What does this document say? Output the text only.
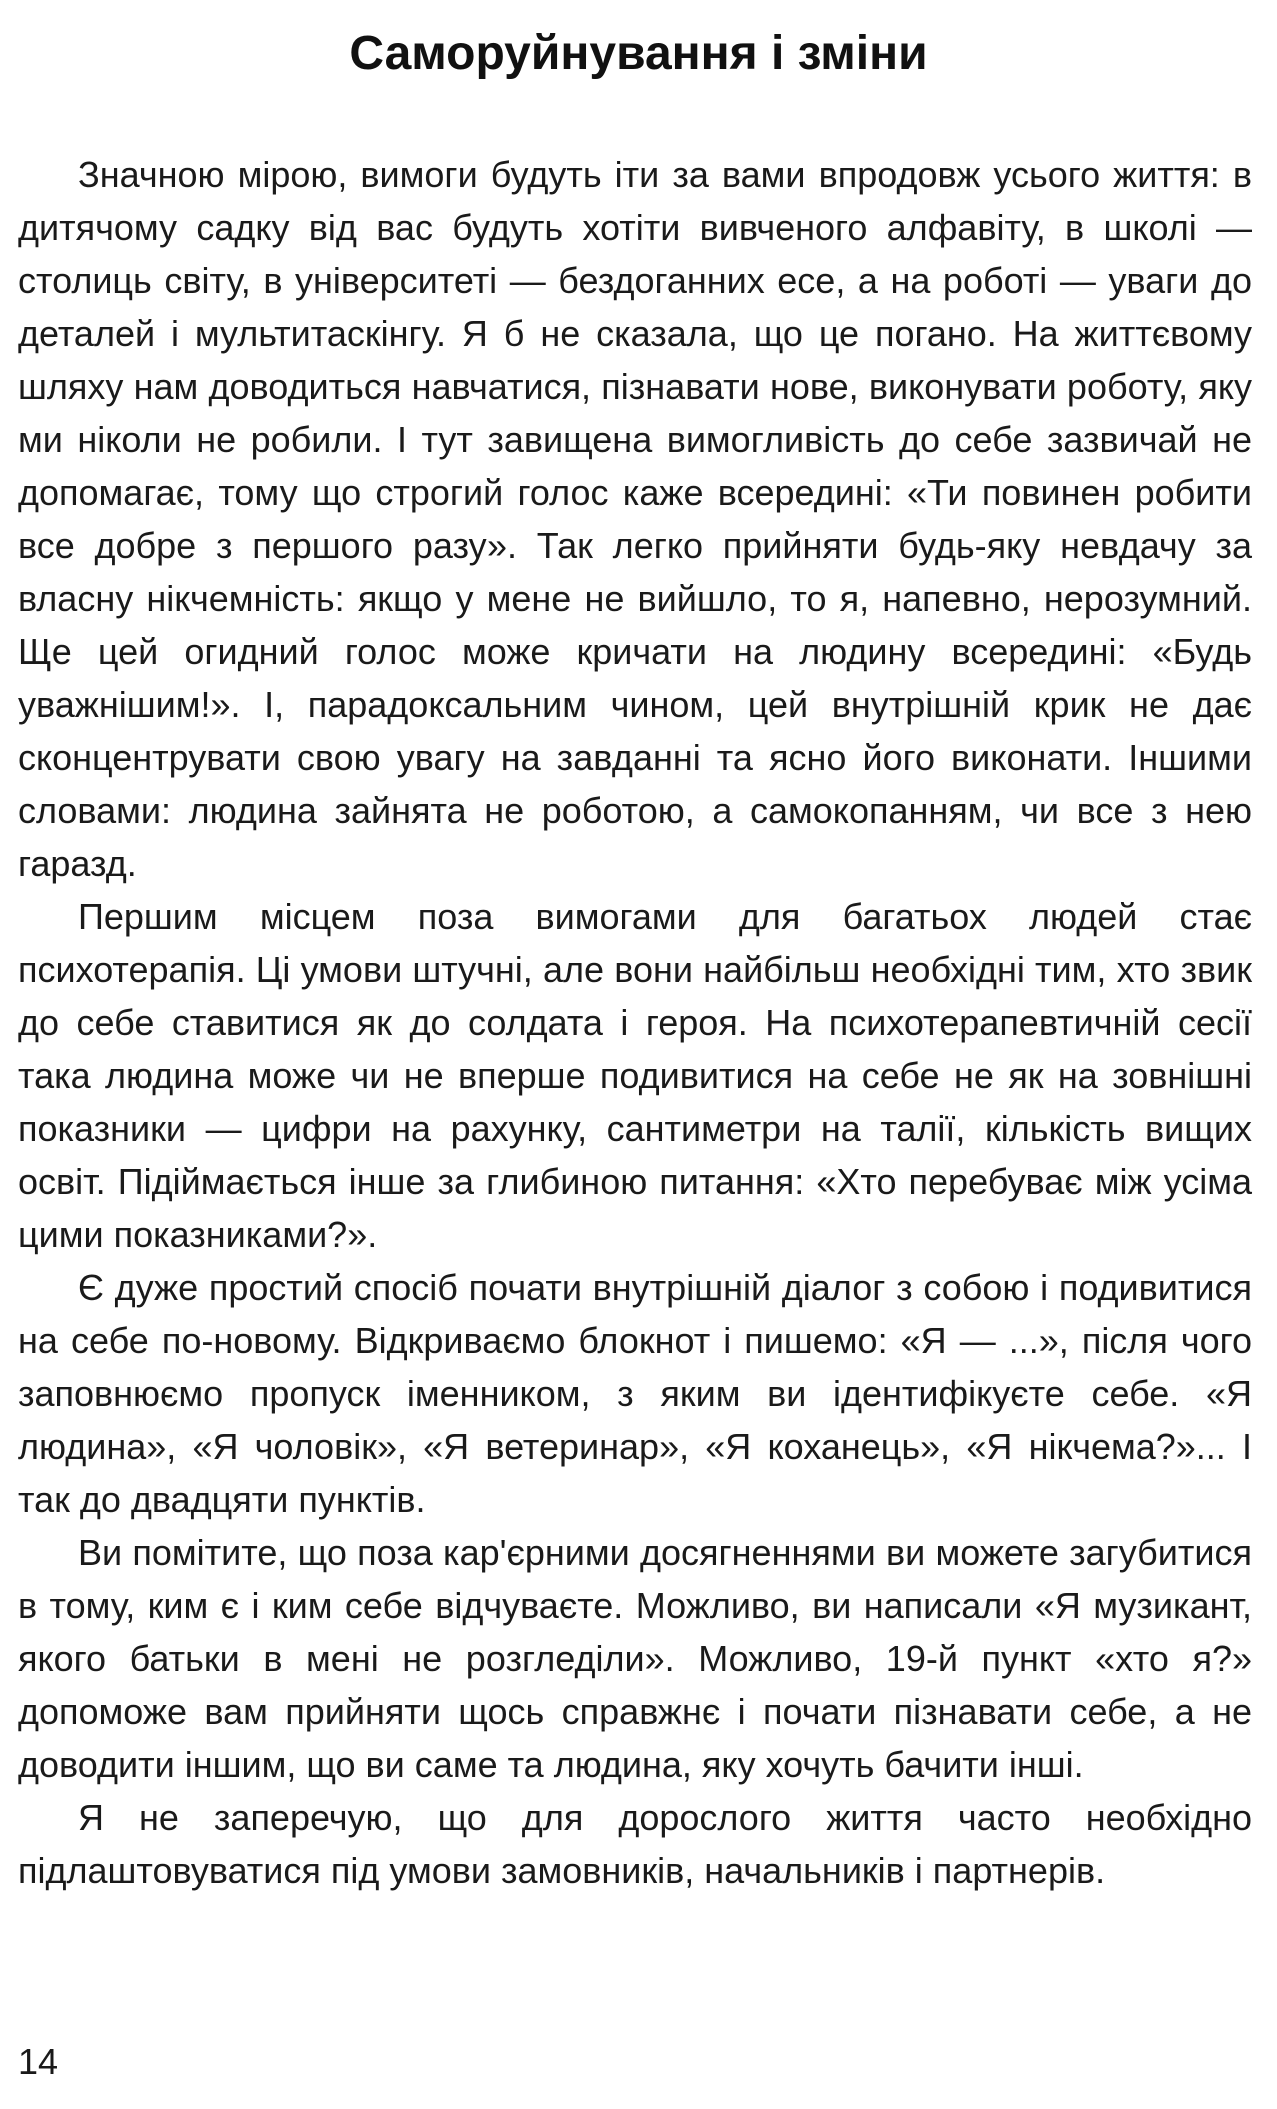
Саморуйнування і зміни

Значною мірою, вимоги будуть іти за вами впродовж усього життя: в дитячому садку від вас будуть хотіти вивченого алфавіту, в школі — столиць світу, в університеті — бездоганних есе, а на роботі — уваги до деталей і мультитаскінгу. Я б не сказала, що це погано. На життєвому шляху нам доводиться навчатися, пізнавати нове, виконувати роботу, яку ми ніколи не робили. І тут завищена вимогливість до себе зазвичай не допомагає, тому що строгий голос каже всередині: «Ти повинен робити все добре з першого разу». Так легко прийняти будь-яку невдачу за власну нікчемність: якщо у мене не вийшло, то я, напевно, нерозумний. Ще цей огидний голос може кричати на людину всередині: «Будь уважнішим!». І, парадоксальним чином, цей внутрішній крик не дає сконцентрувати свою увагу на завданні та ясно його виконати. Іншими словами: людина зайнята не роботою, а самокопанням, чи все з нею гаразд.

Першим місцем поза вимогами для багатьох людей стає психотерапія. Ці умови штучні, але вони найбільш необхідні тим, хто звик до себе ставитися як до солдата і героя. На психотерапевтичній сесії така людина може чи не вперше подивитися на себе не як на зовнішні показники — цифри на рахунку, сантиметри на талії, кількість вищих освіт. Підіймається інше за глибиною питання: «Хто перебуває між усіма цими показниками?».

Є дуже простий спосіб почати внутрішній діалог з собою і подивитися на себе по-новому. Відкриваємо блокнот і пишемо: «Я — ...», після чого заповнюємо пропуск іменником, з яким ви ідентифікуєте себе. «Я людина», «Я чоловік», «Я ветеринар», «Я коханець», «Я нікчема?»... І так до двадцяти пунктів.

Ви помітите, що поза кар'єрними досягненнями ви можете загубитися в тому, ким є і ким себе відчуваєте. Можливо, ви написали «Я музикант, якого батьки в мені не розгледіли». Можливо, 19-й пункт «хто я?» допоможе вам прийняти щось справжнє і почати пізнавати себе, а не доводити іншим, що ви саме та людина, яку хочуть бачити інші.

Я не заперечую, що для дорослого життя часто необхідно підлаштовуватися під умови замовників, начальників і партнерів.

14
